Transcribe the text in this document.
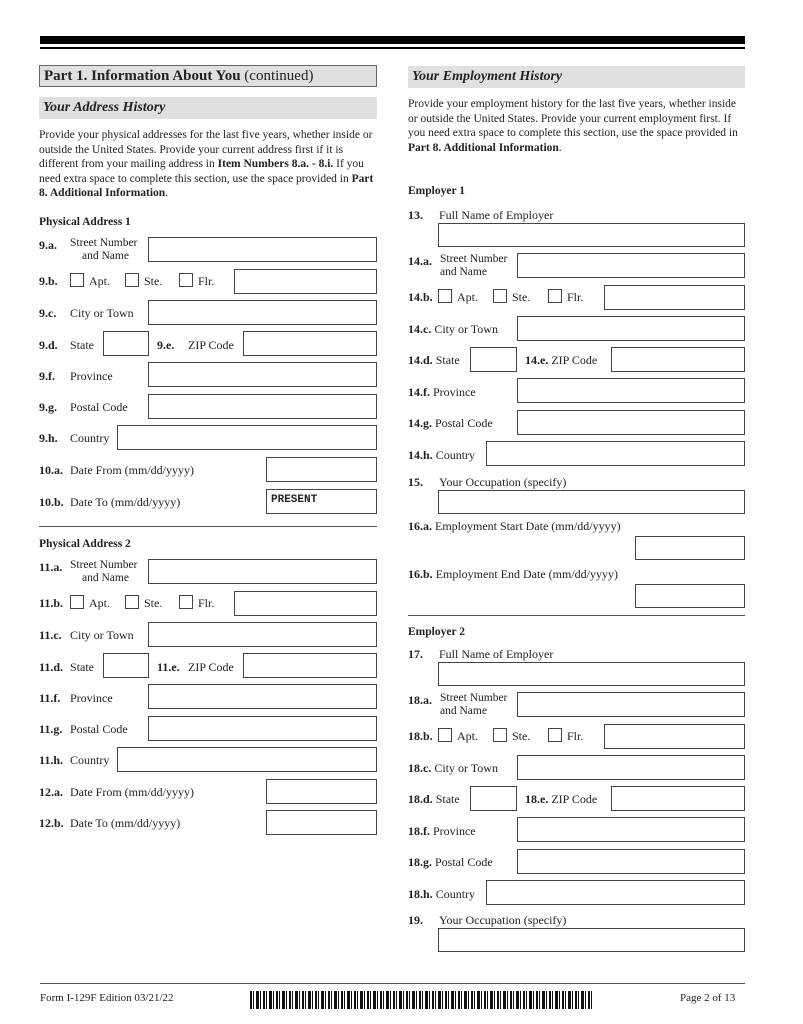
Part 1. Information About You (continued)
Your Address History
Provide your physical addresses for the last five years, whether inside or outside the United States. Provide your current address first if it is different from your mailing address in Item Numbers 8.a. - 8.i. If you need extra space to complete this section, use the space provided in Part 8. Additional Information.
Physical Address 1
9.a.	Street Number
and Name
9.b.	Apt.	Ste.	Flr.
9.c. City or Town
9.d. State	9.e. ZIP Code
9.f. Province
9.g. Postal Code
9.h. Country
10.a. Date From (mm/dd/yyyy)
10.b. Date To (mm/dd/yyyy)	PRESENT
Physical Address 2
11.a. Street Number
and Name
11.b.	Apt.	Ste.	Flr.
11.c. City or Town
11.d. State	11.e. ZIP Code
11.f. Province
11.g. Postal Code
11.h. Country
12.a. Date From (mm/dd/yyyy)
12.b. Date To (mm/dd/yyyy)
Your Employment History
Provide your employment history for the last five years, whether inside or outside the United States. Provide your current employment first. If you need extra space to complete this section, use the space provided in Part 8. Additional Information.
Employer 1
13. Full Name of Employer
14.a. Street Number
and Name
14.b. Apt.	Ste.	Flr.
14.c. City or Town
14.d. State	14.e. ZIP Code
14.f. Province
14.g. Postal Code
14.h. Country
15. Your Occupation (specify)
16.a. Employment Start Date (mm/dd/yyyy)
16.b. Employment End Date (mm/dd/yyyy)
Employer 2
17. Full Name of Employer
18.a. Street Number
and Name
18.b. Apt.	Ste.	Flr.
18.c. City or Town
18.d. State	18.e. ZIP Code
18.f. Province
18.g. Postal Code
18.h. Country
19. Your Occupation (specify)
Form I-129F Edition 03/21/22	Page 2 of 13
